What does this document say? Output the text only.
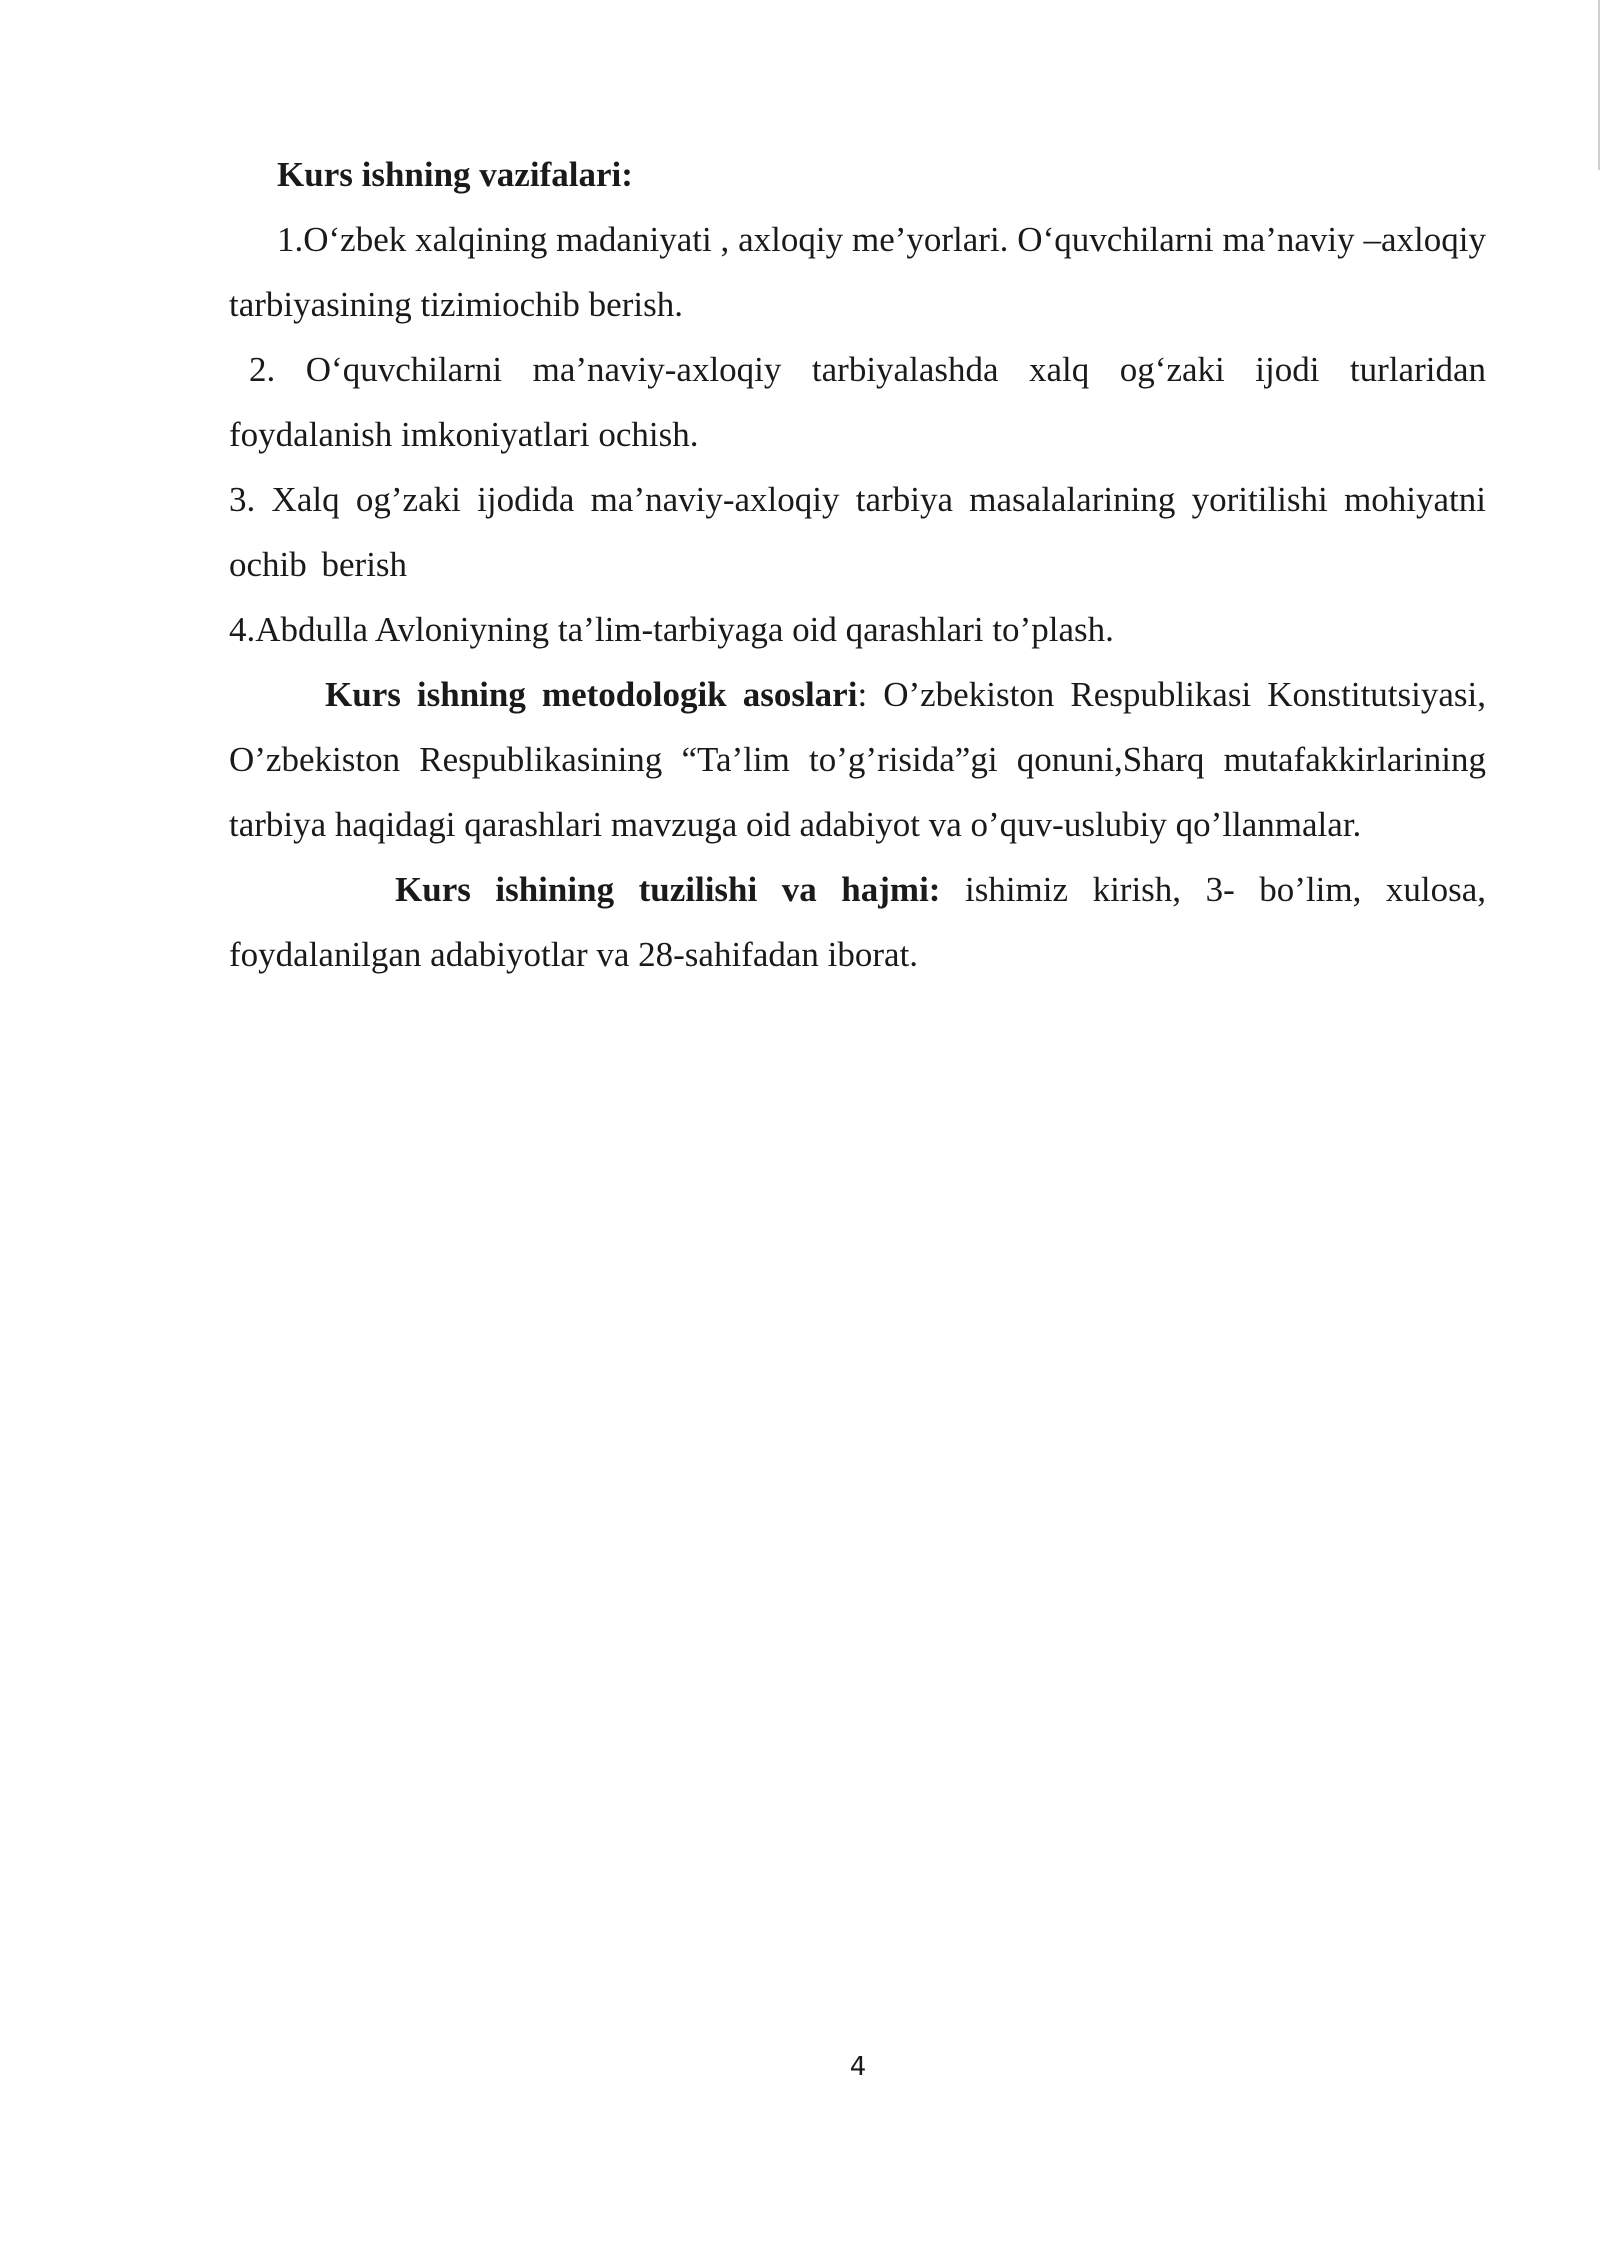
Kurs ishning vazifalari:

1.O‘zbek xalqining madaniyati , axloqiy me’yorlari. O‘quvchilarni ma’naviy –axloqiy tarbiyasining tizimiochib berish.

2. O‘quvchilarni ma’naviy-axloqiy tarbiyalashda xalq og‘zaki ijodi turlaridan foydalanish imkoniyatlari ochish.

3. Xalq og’zaki ijodida ma’naviy-axloqiy tarbiya masalalarining yoritilishi mohiyatni ochib berish

4.Abdulla Avloniyning ta’lim-tarbiyaga oid qarashlari to’plash.

Kurs ishning metodologik asoslari: O’zbekiston Respublikasi Konstitutsiyasi, O’zbekiston Respublikasining “Ta’lim to’g’risida”gi qonuni,Sharq mutafakkirlarining tarbiya haqidagi qarashlari mavzuga oid adabiyot va o’quv-uslubiy qo’llanmalar.

Kurs ishining tuzilishi va hajmi: ishimiz kirish, 3- bo’lim, xulosa, foydalanilgan adabiyotlar va 28-sahifadan iborat.

4
